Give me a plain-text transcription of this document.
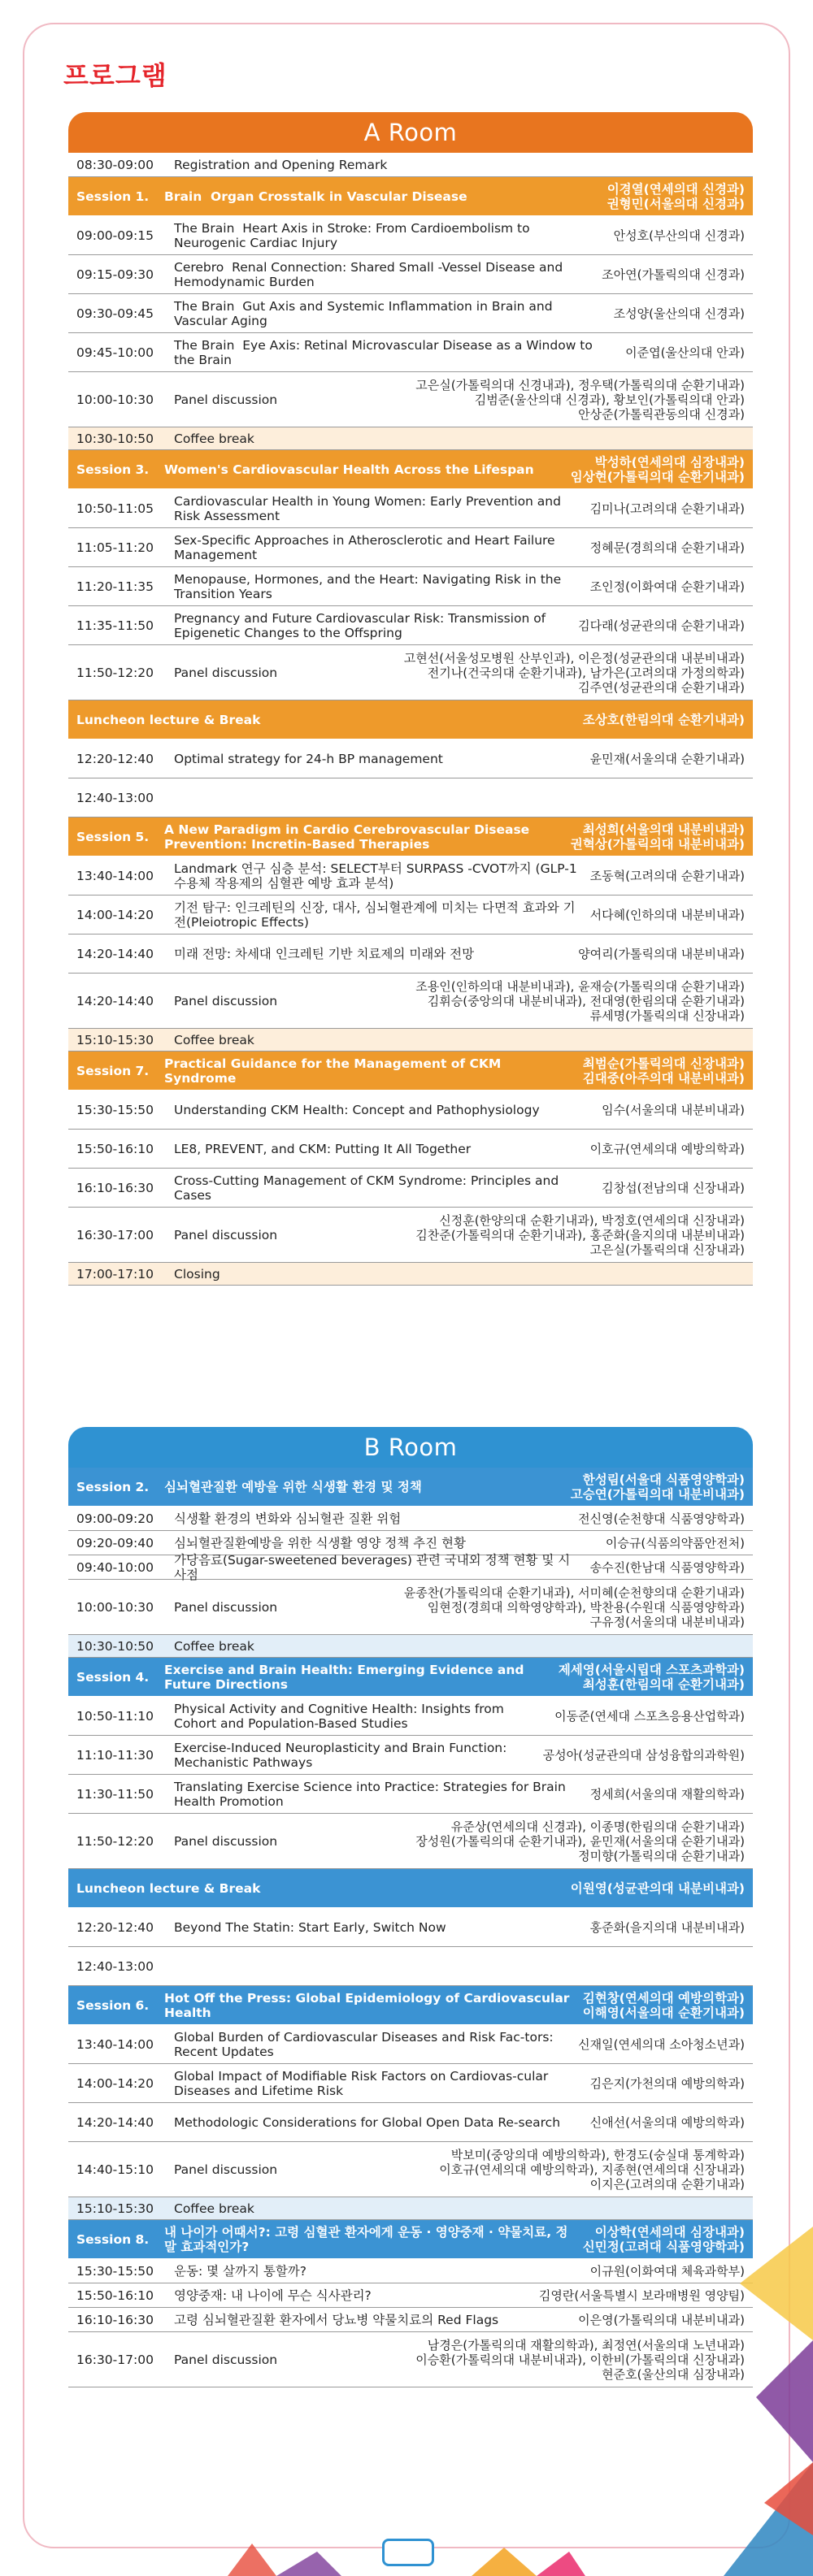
프로그램
A Room
08:30-09:00	Registration and Opening Remark
Session 1.	Brain Organ Crosstalk in Vascular Disease	이경열(연세의대 신경과)
권형민(서울의대 신경과)
09:00-09:15	The Brain Heart Axis in Stroke: From Cardioembolism to Neurogenic Cardiac Injury	안성호(부산의대 신경과)
09:15-09:30	Cerebro Renal Connection: Shared Small -Vessel Disease and Hemodynamic Burden	조아연(가톨릭의대 신경과)
09:30-09:45	The Brain Gut Axis and Systemic Inflammation in Brain and Vascular Aging	조성양(울산의대 신경과)
09:45-10:00	The Brain Eye Axis: Retinal Microvascular Disease as a Window to the Brain	이준엽(울산의대 안과)
10:00-10:30	Panel discussion
고은실(가톨릭의대 신경내과), 정우택(가톨릭의대 순환기내과)
김범준(울산의대 신경과), 황보인(가톨릭의대 안과)
안상준(가톨릭관동의대 신경과)
10:30-10:50	Coffee break
Session 3.	Women's Cardiovascular Health Across the Lifespan	박성하(연세의대 심장내과)
임상현(가톨릭의대 순환기내과)
10:50-11:05	Cardiovascular Health in Young Women: Early Prevention and Risk Assessment	김미나(고려의대 순환기내과)
11:05-11:20	Sex-Specific Approaches in Atherosclerotic and Heart Failure Management	정혜문(경희의대 순환기내과)
11:20-11:35	Menopause, Hormones, and the Heart: Navigating Risk in the Transition Years	조인정(이화여대 순환기내과)
11:35-11:50	Pregnancy and Future Cardiovascular Risk: Transmission of Epigenetic Changes to the Offspring	김다래(성균관의대 순환기내과)
11:50-12:20	Panel discussion
고현선(서울성모병원 산부인과), 이은정(성균관의대 내분비내과)
전기나(건국의대 순환기내과), 남가은(고려의대 가정의학과)
김주연(성균관의대 순환기내과)
Luncheon lecture & Break	조상호(한림의대 순환기내과)
12:20-12:40	Optimal strategy for 24-h BP management	윤민재(서울의대 순환기내과)
12:40-13:00
Session 5.	A New Paradigm in Cardio Cerebrovascular Disease Prevention: Incretin-Based Therapies
최성희(서울의대 내분비내과)
권혁상(가톨릭의대 내분비내과)
13:40-14:00	Landmark 연구 심층 분석: SELECT부터 SURPASS -CVOT까지 (GLP-1 수용체 작용제의 심혈관 예방 효과 분석)	조동혁(고려의대 순환기내과)
14:00-14:20	기전 탐구: 인크레틴의 신장, 대사, 심뇌혈관계에 미치는 다면적 효과와 기전(Pleiotropic Effects)	서다혜(인하의대 내분비내과)
14:20-14:40	미래 전망: 차세대 인크레틴 기반 치료제의 미래와 전망	양여리(가톨릭의대 내분비내과)
14:20-14:40	Panel discussion
조용인(인하의대 내분비내과), 윤재승(가톨릭의대 순환기내과)
김휘승(중앙의대 내분비내과), 전대영(한림의대 순환기내과)
류세명(가톨릭의대 신장내과)
15:10-15:30	Coffee break
Session 7.	Practical Guidance for the Management of CKM Syndrome
최범순(가톨릭의대 신장내과)
김대중(아주의대 내분비내과)
15:30-15:50	Understanding CKM Health: Concept and Pathophysiology	임수(서울의대 내분비내과)
15:50-16:10	LE8, PREVENT, and CKM: Putting It All Together	이호규(연세의대 예방의학과)
16:10-16:30	Cross-Cutting Management of CKM Syndrome: Principles and Cases	김창섭(전남의대 신장내과)
16:30-17:00	Panel discussion
신정훈(한양의대 순환기내과), 박정호(연세의대 신장내과)
김찬준(가톨릭의대 순환기내과), 홍준화(을지의대 내분비내과)
고은실(가톨릭의대 신장내과)
17:00-17:10	Closing
B Room
Session 2.	심뇌혈관질환 예방을 위한 식생활 환경 및 정책	한성림(서울대 식품영양학과)
고승연(가톨릭의대 내분비내과)
09:00-09:20	식생활 환경의 변화와 심뇌혈관 질환 위험	전신영(순천향대 식품영양학과)
09:20-09:40	심뇌혈관질환예방을 위한 식생활 영양 정책 추진 현황	이승규(식품의약품안전처)
09:40-10:00	가당음료(Sugar-sweetened beverages) 관련 국내외 정책 현황 및 시사점	송수진(한남대 식품영양학과)
10:00-10:30	Panel discussion
윤종찬(가톨릭의대 순환기내과), 서미혜(순천향의대 순환기내과)
임현정(경희대 의학영양학과), 박찬용(수원대 식품영양학과)
구유정(서울의대 내분비내과)
10:30-10:50	Coffee break
Session 4.	Exercise and Brain Health: Emerging Evidence and Future Directions
제세영(서울시립대 스포츠과학과)
최성훈(한림의대 순환기내과)
10:50-11:10	Physical Activity and Cognitive Health: Insights from Cohort and Population-Based Studies	이동준(연세대 스포츠응용산업학과)
11:10-11:30	Exercise-Induced Neuroplasticity and Brain Function: Mechanistic Pathways	공성아(성균관의대 삼성융합의과학원)
11:30-11:50	Translating Exercise Science into Practice: Strategies for Brain Health Promotion	정세희(서울의대 재활의학과)
11:50-12:20	Panel discussion
유준상(연세의대 신경과), 이종명(한림의대 순환기내과)
장성원(가톨릭의대 순환기내과), 윤민재(서울의대 순환기내과)
정미향(가톨릭의대 순환기내과)
Luncheon lecture & Break	이원영(성균관의대 내분비내과)
12:20-12:40	Beyond The Statin: Start Early, Switch Now	홍준화(을지의대 내분비내과)
12:40-13:00
Session 6.	Hot Off the Press: Global Epidemiology of Cardiovascular Health
김현창(연세의대 예방의학과)
이해영(서울의대 순환기내과)
13:40-14:00	Global Burden of Cardiovascular Diseases and Risk Fac-tors: Recent Updates	신재일(연세의대 소아청소년과)
14:00-14:20	Global Impact of Modifiable Risk Factors on Cardiovas-cular Diseases and Lifetime Risk	김은지(가천의대 예방의학과)
14:20-14:40	Methodologic Considerations for Global Open Data Re-search	신애선(서울의대 예방의학과)
14:40-15:10	Panel discussion
박보미(중앙의대 예방의학과), 한경도(숭실대 통계학과)
이호규(연세의대 예방의학과), 지종현(연세의대 신장내과)
이지은(고려의대 순환기내과)
15:10-15:30	Coffee break
Session 8.	내 나이가 어때서?: 고령 심혈관 환자에게 운동 · 영양중재 · 약물치료, 정말 효과적인가?
이상학(연세의대 심장내과)
신민정(고려대 식품영양학과)
15:30-15:50	운동: 몇 살까지 통할까?	이규원(이화여대 체육과학부)
15:50-16:10	영양중재: 내 나이에 무슨 식사관리?	김영란(서울특별시 보라매병원 영양팀)
16:10-16:30	고령 심뇌혈관질환 환자에서 당뇨병 약물치료의 Red Flags	이은영(가톨릭의대 내분비내과)
16:30-17:00	Panel discussion
남경은(가톨릭의대 재활의학과), 최정연(서울의대 노년내과)
이승환(가톨릭의대 내분비내과), 이한비(가톨릭의대 신장내과)
현준호(울산의대 심장내과)
